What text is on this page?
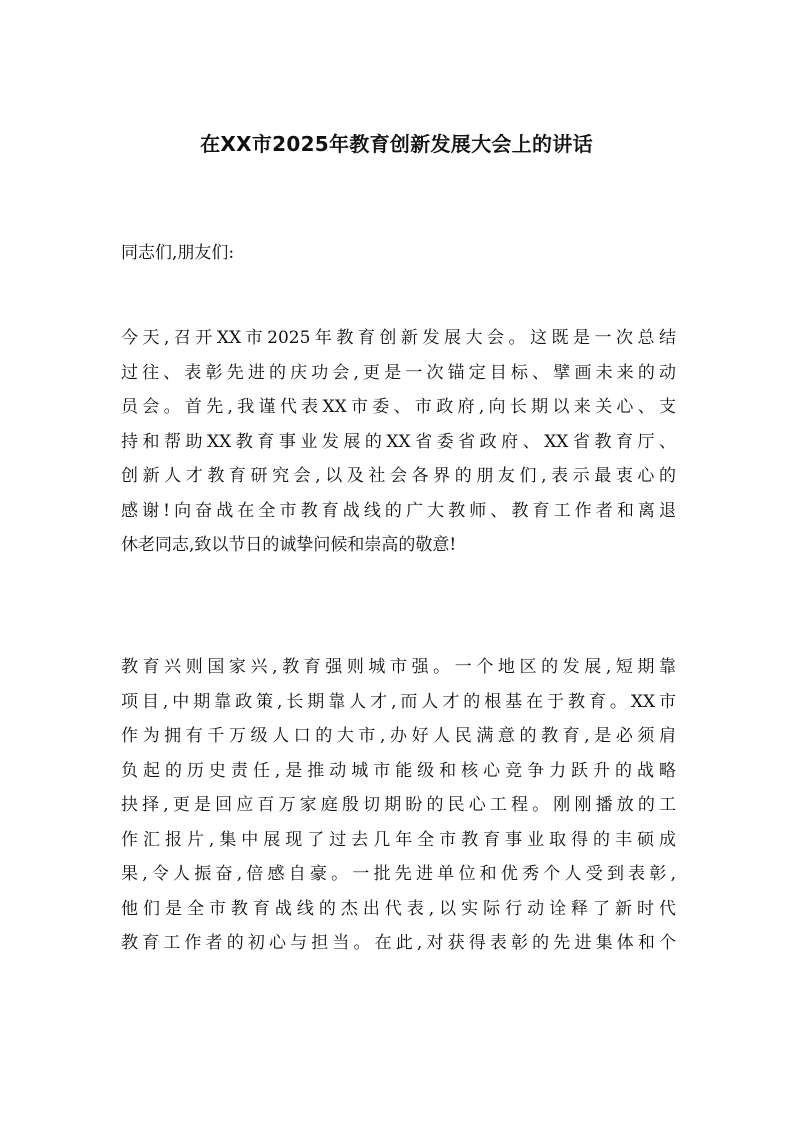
在XX市2025年教育创新发展大会上的讲话

同志们,朋友们:

今天,召开XX市2025年教育创新发展大会。这既是一次总结
过往、表彰先进的庆功会,更是一次锚定目标、擘画未来的动
员会。首先,我谨代表XX市委、市政府,向长期以来关心、支
持和帮助XX教育事业发展的XX省委省政府、XX省教育厅、
创新人才教育研究会,以及社会各界的朋友们,表示最衷心的
感谢!向奋战在全市教育战线的广大教师、教育工作者和离退
休老同志,致以节日的诚挚问候和崇高的敬意!
教育兴则国家兴,教育强则城市强。一个地区的发展,短期靠
项目,中期靠政策,长期靠人才,而人才的根基在于教育。XX市
作为拥有千万级人口的大市,办好人民满意的教育,是必须肩
负起的历史责任,是推动城市能级和核心竞争力跃升的战略
抉择,更是回应百万家庭殷切期盼的民心工程。刚刚播放的工
作汇报片,集中展现了过去几年全市教育事业取得的丰硕成
果,令人振奋,倍感自豪。一批先进单位和优秀个人受到表彰,
他们是全市教育战线的杰出代表,以实际行动诠释了新时代
教育工作者的初心与担当。在此,对获得表彰的先进集体和个
